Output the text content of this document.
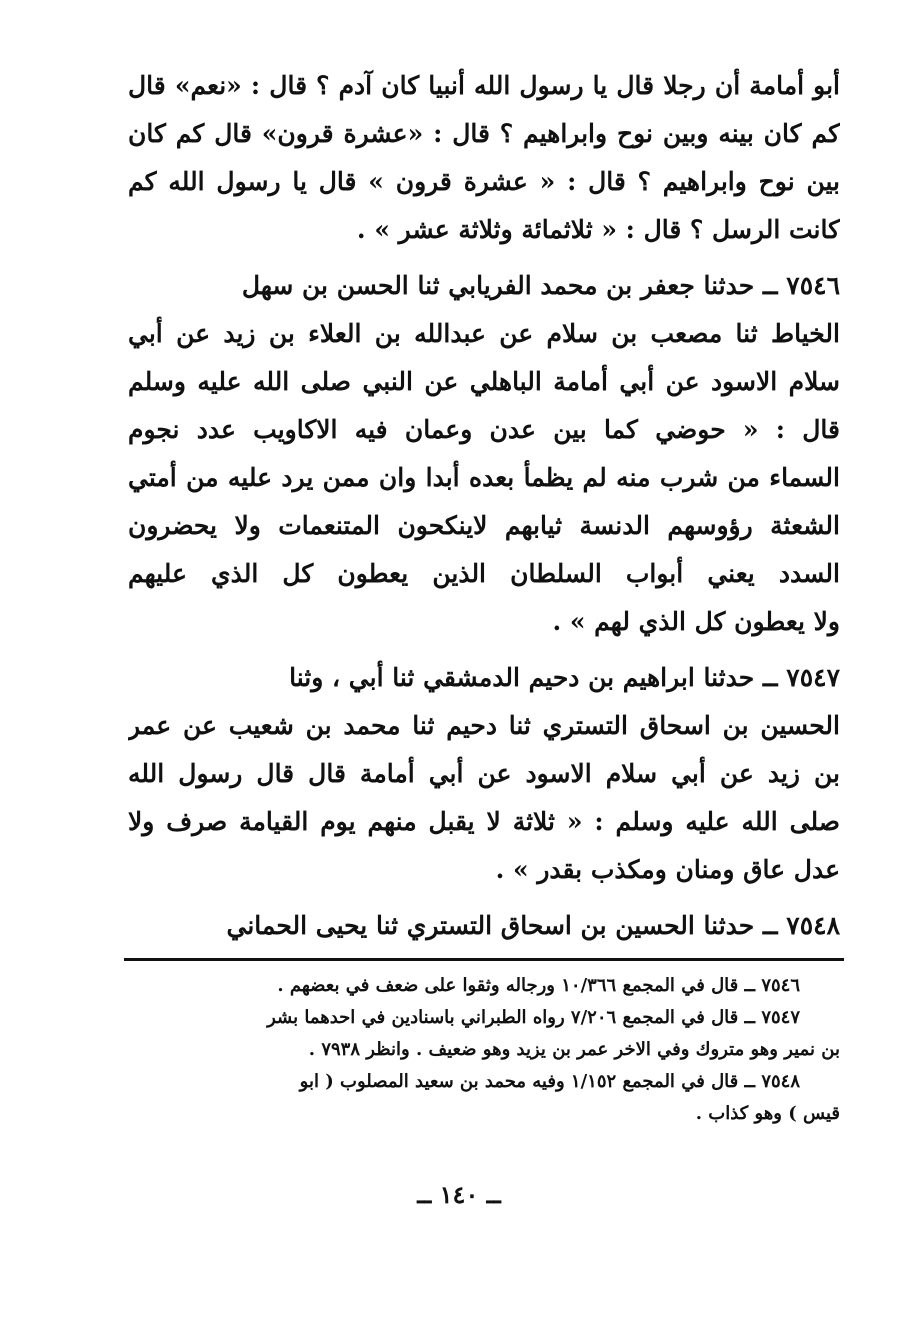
أبو أمامة أن رجلا قال يا رسول الله أنبيا كان آدم ؟ قال : «نعم» قال
كم كان بينه وبين نوح وابراهيم ؟ قال : «عشرة قرون» قال كم كان
بين نوح وابراهيم ؟ قال : « عشرة قرون » قال يا رسول الله كم
كانت الرسل ؟ قال : « ثلاثمائة وثلاثة عشر » .
٧٥٤٦ ــ حدثنا جعفر بن محمد الفريابي ثنا الحسن بن سهل
الخياط ثنا مصعب بن سلام عن عبدالله بن العلاء بن زيد عن أبي
سلام الاسود عن أبي أمامة الباهلي عن النبي صلى الله عليه وسلم
قال : « حوضي كما بين عدن وعمان فيه الاكاويب عدد نجوم
السماء من شرب منه لم يظمأ بعده أبدا وان ممن يرد عليه من أمتي
الشعثة رؤوسهم الدنسة ثيابهم لاينكحون المتنعمات ولا يحضرون
السدد يعني أبواب السلطان الذين يعطون كل الذي عليهم
ولا يعطون كل الذي لهم » .
٧٥٤٧ ــ حدثنا ابراهيم بن دحيم الدمشقي ثنا أبي ، وثنا
الحسين بن اسحاق التستري ثنا دحيم ثنا محمد بن شعيب عن عمر
بن زيد عن أبي سلام الاسود عن أبي أمامة قال قال رسول الله
صلى الله عليه وسلم : « ثلاثة لا يقبل منهم يوم القيامة صرف ولا
عدل عاق ومنان ومكذب بقدر » .
٧٥٤٨ ــ حدثنا الحسين بن اسحاق التستري ثنا يحيى الحماني
٧٥٤٦ ــ قال في المجمع ١٠/٣٦٦ ورجاله وثقوا على ضعف في بعضهم .
٧٥٤٧ ــ قال في المجمع ٧/٢٠٦ رواه الطبراني باسنادين في احدهما بشر
بن نمير وهو متروك وفي الاخر عمر بن يزيد وهو ضعيف . وانظر ٧٩٣٨ .
٧٥٤٨ ــ قال في المجمع ١/١٥٢ وفيه محمد بن سعيد المصلوب ( ابو
قيس ) وهو كذاب .
ــ ١٤٠ ــ
